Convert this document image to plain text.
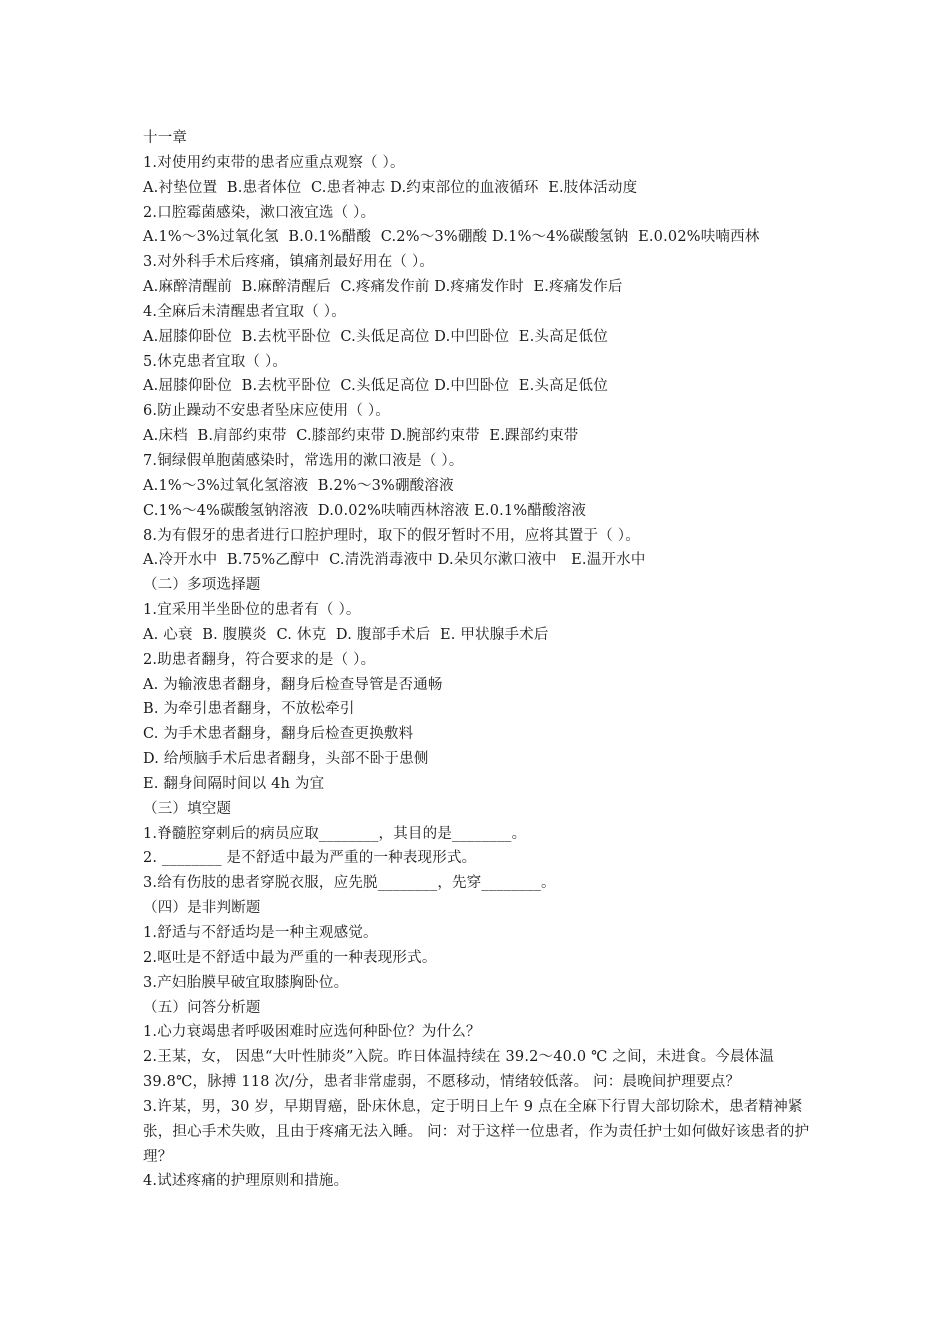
十一章
1.对使用约束带的患者应重点观察（ ）。
A.衬垫位置  B.患者体位  C.患者神志 D.约束部位的血液循环  E.肢体活动度
2.口腔霉菌感染，漱口液宜选（ ）。
A.1%～3%过氧化氢  B.0.1%醋酸  C.2%～3%硼酸 D.1%～4%碳酸氢钠  E.0.02%呋喃西林
3.对外科手术后疼痛，镇痛剂最好用在（ ）。
A.麻醉清醒前  B.麻醉清醒后  C.疼痛发作前 D.疼痛发作时  E.疼痛发作后
4.全麻后未清醒患者宜取（ ）。
A.屈膝仰卧位  B.去枕平卧位  C.头低足高位 D.中凹卧位  E.头高足低位
5.休克患者宜取（ ）。
A.屈膝仰卧位  B.去枕平卧位  C.头低足高位 D.中凹卧位  E.头高足低位
6.防止躁动不安患者坠床应使用（ ）。
A.床档  B.肩部约束带  C.膝部约束带 D.腕部约束带  E.踝部约束带
7.铜绿假单胞菌感染时，常选用的漱口液是（ ）。
A.1%～3%过氧化氢溶液  B.2%～3%硼酸溶液
C.1%～4%碳酸氢钠溶液  D.0.02%呋喃西林溶液 E.0.1%醋酸溶液
8.为有假牙的患者进行口腔护理时，取下的假牙暂时不用，应将其置于（ ）。
A.冷开水中  B.75%乙醇中  C.清洗消毒液中 D.朵贝尔漱口液中   E.温开水中
（二）多项选择题
1.宜采用半坐卧位的患者有（ ）。
A. 心衰  B. 腹膜炎  C. 休克  D. 腹部手术后  E. 甲状腺手术后
2.助患者翻身，符合要求的是（ ）。
A. 为输液患者翻身，翻身后检查导管是否通畅
B. 为牵引患者翻身，不放松牵引
C. 为手术患者翻身，翻身后检查更换敷料
D. 给颅脑手术后患者翻身，头部不卧于患侧
E. 翻身间隔时间以 4h 为宜
（三）填空题
1.脊髓腔穿刺后的病员应取________，其目的是________。
2. ________ 是不舒适中最为严重的一种表现形式。
3.给有伤肢的患者穿脱衣服，应先脱________，先穿________。
（四）是非判断题
1.舒适与不舒适均是一种主观感觉。
2.呕吐是不舒适中最为严重的一种表现形式。
3.产妇胎膜早破宜取膝胸卧位。
（五）问答分析题
1.心力衰竭患者呼吸困难时应选何种卧位？为什么？
2.王某，女， 因患“大叶性肺炎”入院。昨日体温持续在 39.2～40.0 ℃ 之间，未进食。今晨体温 39.8℃，脉搏 118 次/分，患者非常虚弱，不愿移动，情绪较低落。 问：晨晚间护理要点？
3.许某，男，30 岁，早期胃癌，卧床休息，定于明日上午 9 点在全麻下行胃大部切除术，患者精神紧张，担心手术失败，且由于疼痛无法入睡。 问：对于这样一位患者，作为责任护士如何做好该患者的护理？
4.试述疼痛的护理原则和措施。
